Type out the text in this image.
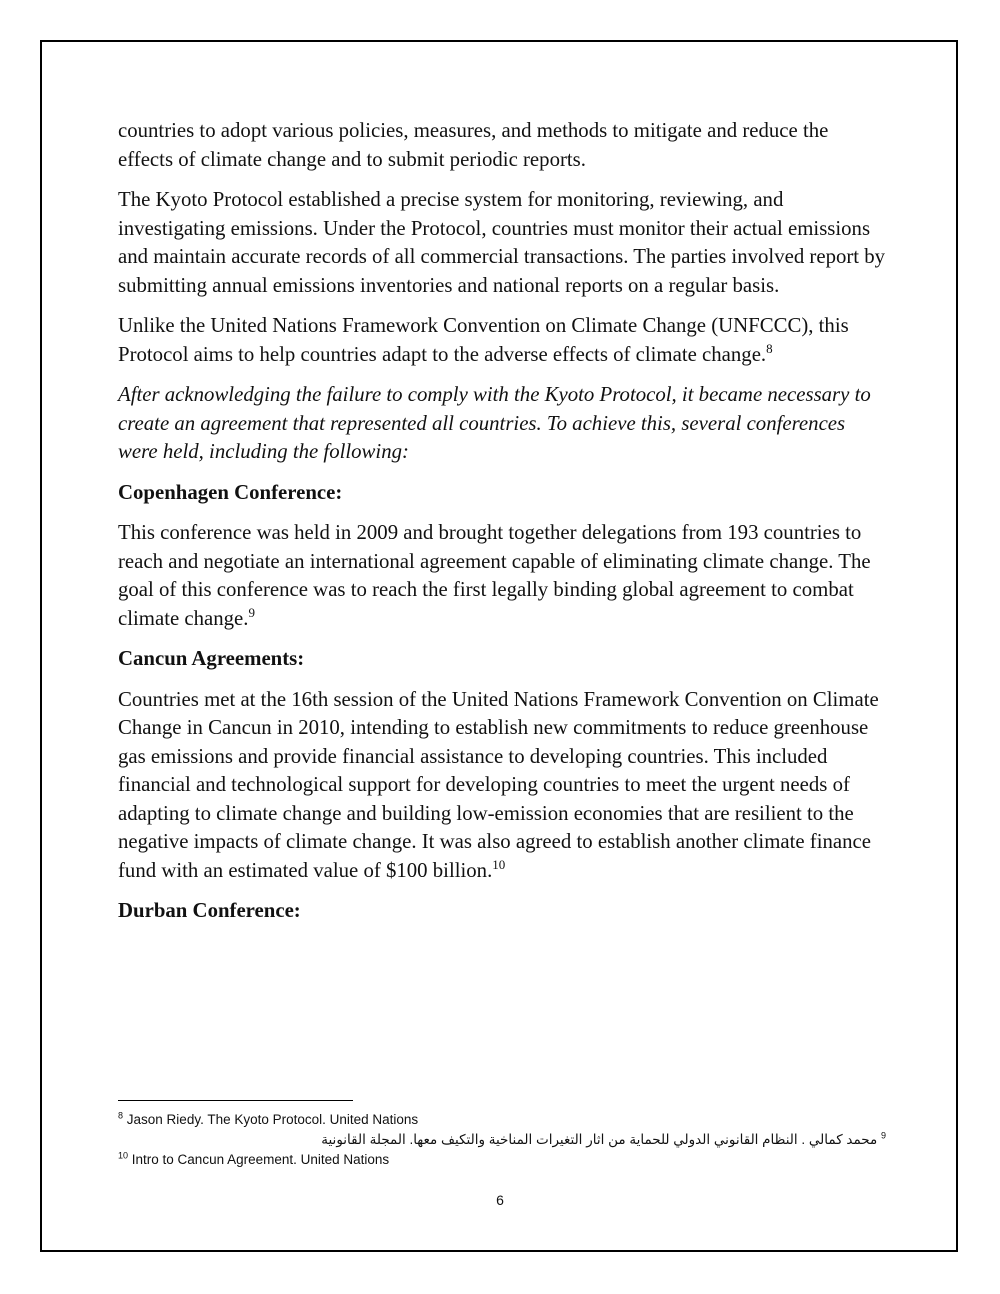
countries to adopt various policies, measures, and methods to mitigate and reduce the effects of climate change and to submit periodic reports.

The Kyoto Protocol established a precise system for monitoring, reviewing, and investigating emissions. Under the Protocol, countries must monitor their actual emissions and maintain accurate records of all commercial transactions. The parties involved report by submitting annual emissions inventories and national reports on a regular basis.

Unlike the United Nations Framework Convention on Climate Change (UNFCCC), this Protocol aims to help countries adapt to the adverse effects of climate change.$^8$

After acknowledging the failure to comply with the Kyoto Protocol, it became necessary to create an agreement that represented all countries. To achieve this, several conferences were held, including the following:

Copenhagen Conference:

This conference was held in 2009 and brought together delegations from 193 countries to reach and negotiate an international agreement capable of eliminating climate change. The goal of this conference was to reach the first legally binding global agreement to combat climate change.$^9$

Cancun Agreements:

Countries met at the 16th session of the United Nations Framework Convention on Climate Change in Cancun in 2010, intending to establish new commitments to reduce greenhouse gas emissions and provide financial assistance to developing countries. This included financial and technological support for developing countries to meet the urgent needs of adapting to climate change and building low-emission economies that are resilient to the negative impacts of climate change. It was also agreed to establish another climate finance fund with an estimated value of $100 billion.$^{10}$

Durban Conference:

$^8$ Jason Riedy. The Kyoto Protocol. United Nations

$^9$ محمد كمالي . النظام القانوني الدولي للحماية من اثار التغيرات المناخية والتكيف معها. المجلة القانونية

$^{10}$ Intro to Cancun Agreement. United Nations

6
